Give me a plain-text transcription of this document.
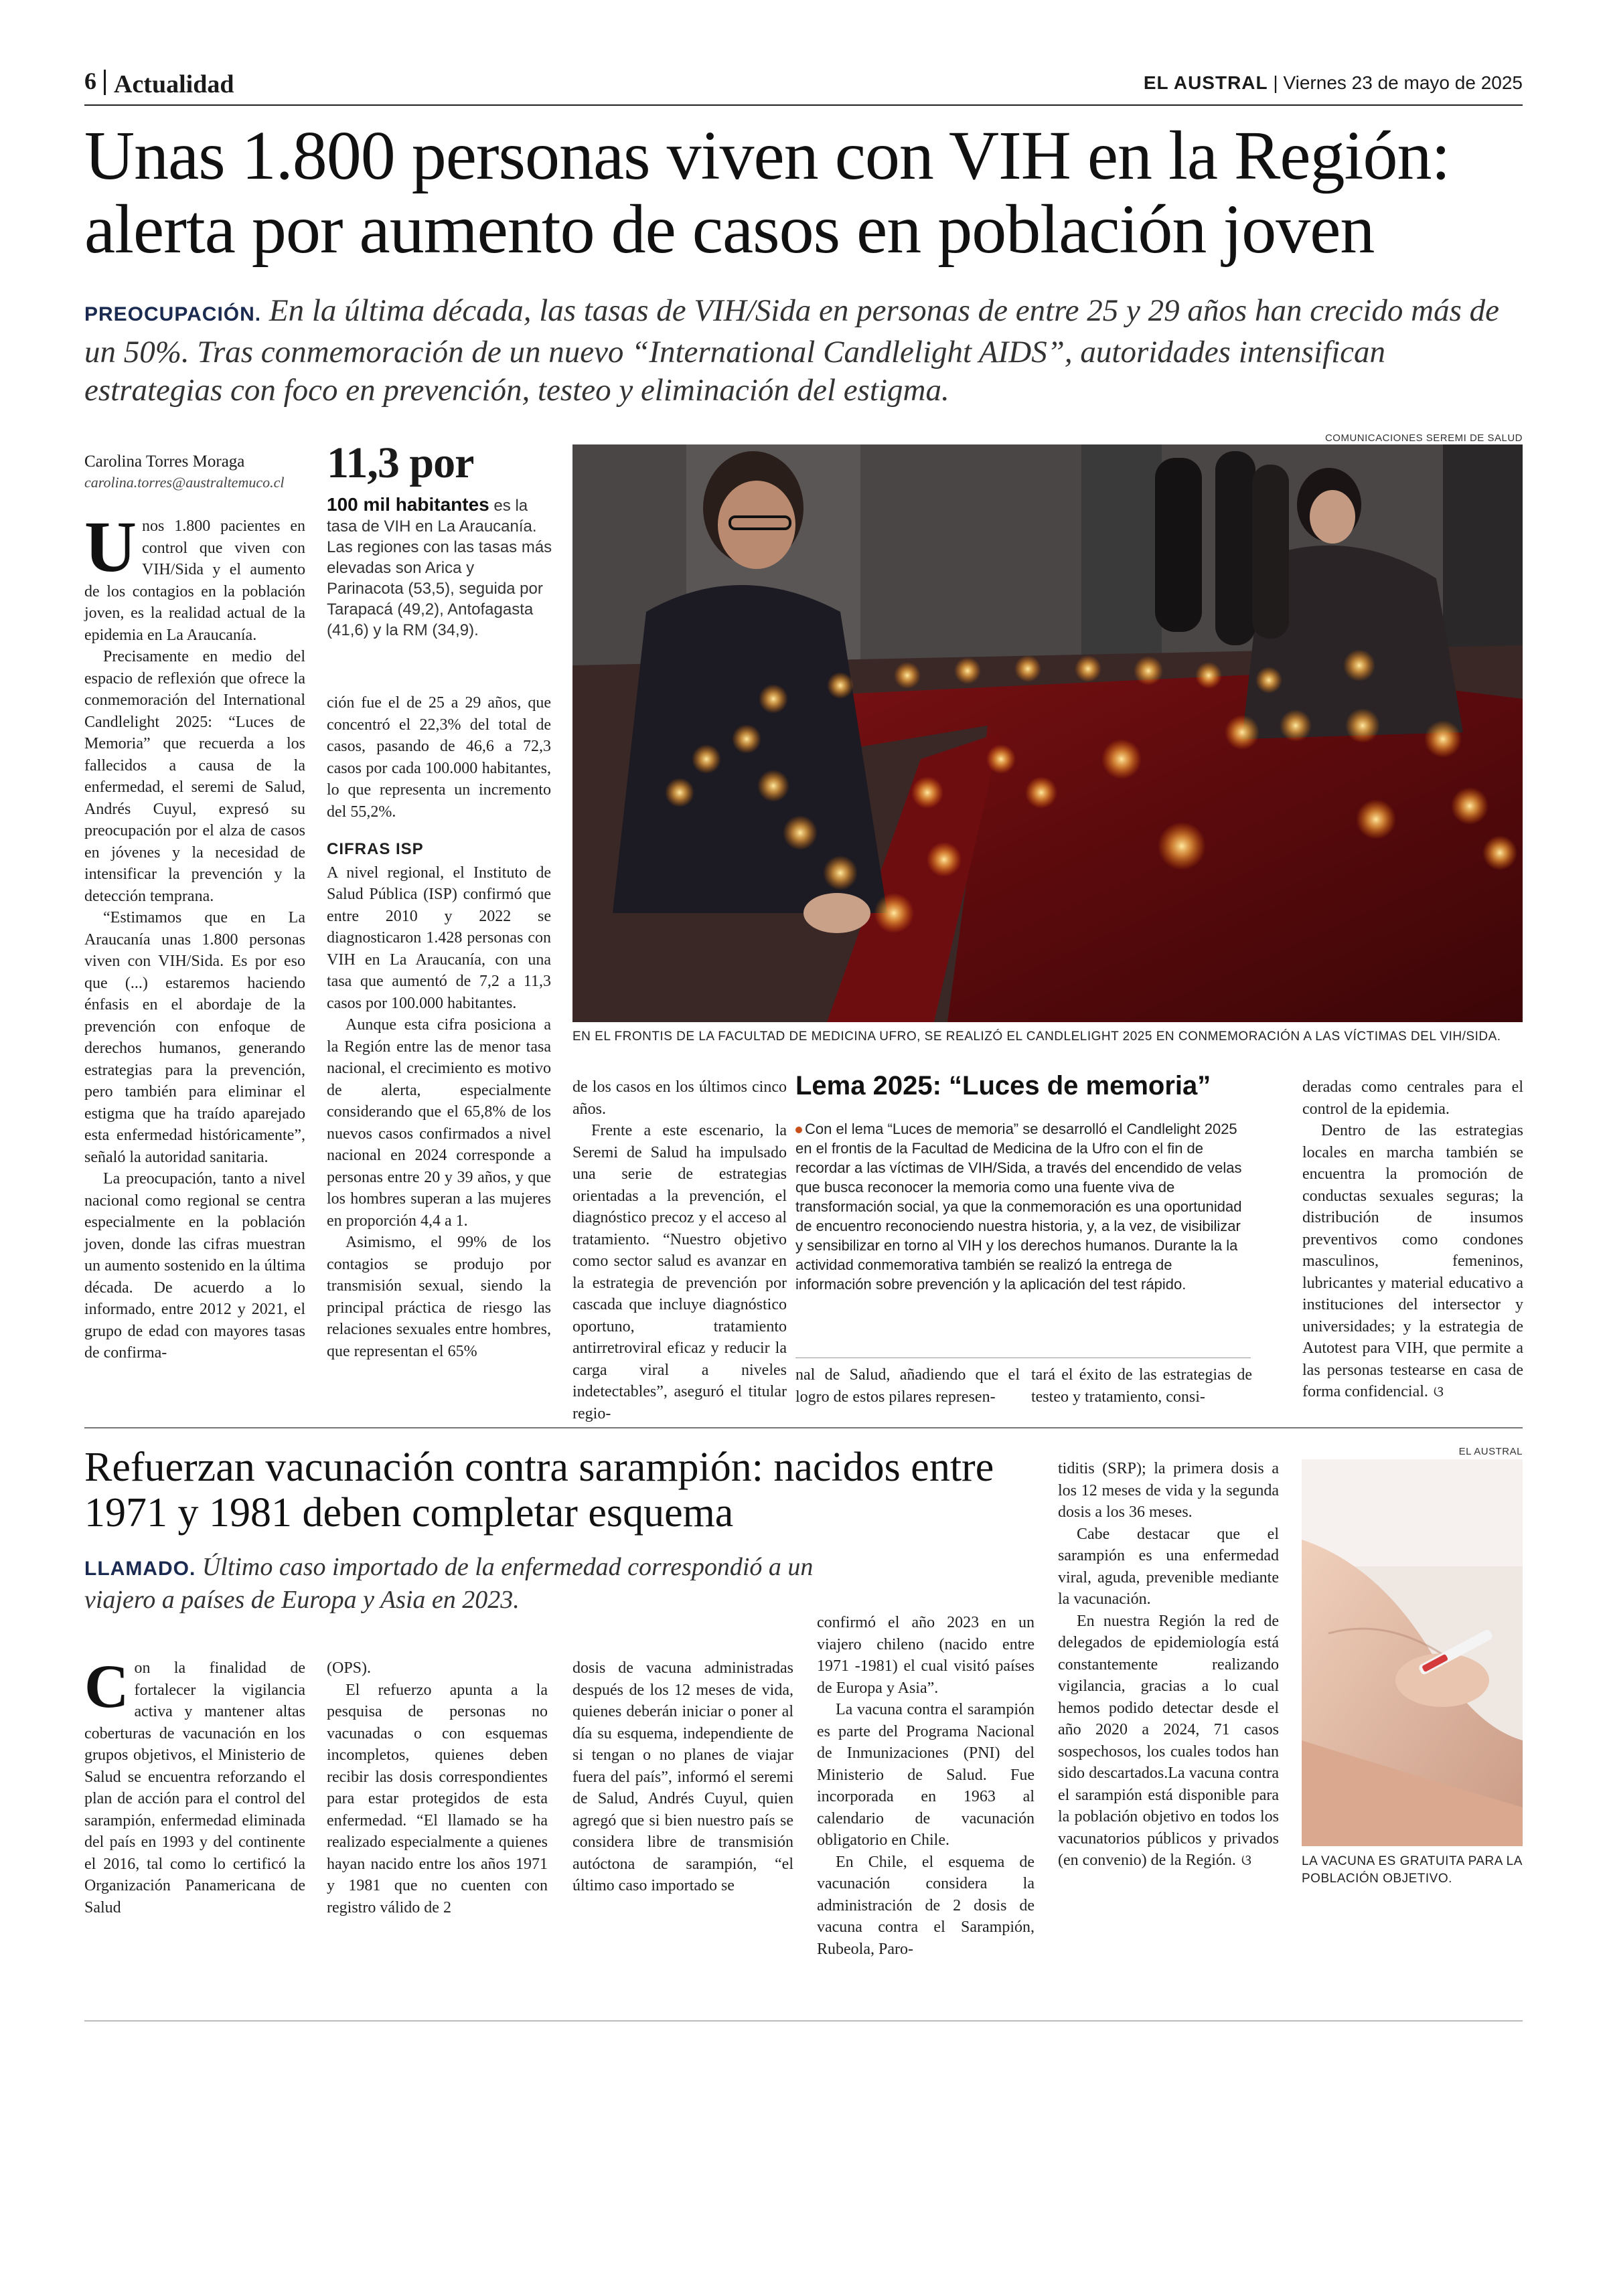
6 Actualidad	EL AUSTRAL | Viernes 23 de mayo de 2025
Unas 1.800 personas viven con VIH en la Región:
alerta por aumento de casos en población joven
PREOCUPACIÓN. En la última década, las tasas de VIH/Sida en personas de entre 25 y 29 años han crecido más de un 50%. Tras conmemoración de un nuevo “International Candlelight AIDS”, autoridades intensifican estrategias con foco en prevención, testeo y eliminación del estigma.
Carolina Torres Moraga
carolina.torres@australtemuco.cl

Unos 1.800 pacientes en control que viven con VIH/Sida y el aumento de los contagios en la población joven, es la realidad actual de la epidemia en La Araucanía.

Precisamente en medio del espacio de reflexión que ofrece la conmemoración del International Candlelight 2025: “Luces de Memoria” que recuerda a los fallecidos a causa de la enfermedad, el seremi de Salud, Andrés Cuyul, expresó su preocupación por el alza de casos en jóvenes y la necesidad de intensificar la prevención y la detección temprana.

“Estimamos que en La Araucanía unas 1.800 personas viven con VIH/Sida. Es por eso que (...) estaremos haciendo énfasis en el abordaje de la prevención con enfoque de derechos humanos, generando estrategias para la prevención, pero también para eliminar el estigma que ha traído aparejado esta enfermedad históricamente”, señaló la autoridad sanitaria.

La preocupación, tanto a nivel nacional como regional se centra especialmente en la población joven, donde las cifras muestran un aumento sostenido en la última década. De acuerdo a lo informado, entre 2012 y 2021, el grupo de edad con mayores tasas de confirma-

11,3 por
100 mil habitantes es la tasa de VIH en La Araucanía. Las regiones con las tasas más elevadas son Arica y Parinacota (53,5), seguida por Tarapacá (49,2), Antofagasta (41,6) y la RM (34,9).

ción fue el de 25 a 29 años, que concentró el 22,3% del total de casos, pasando de 46,6 a 72,3 casos por cada 100.000 habitantes, lo que representa un incremento del 55,2%.

CIFRAS ISP

A nivel regional, el Instituto de Salud Pública (ISP) confirmó que entre 2010 y 2022 se diagnosticaron 1.428 personas con VIH en La Araucanía, con una tasa que aumentó de 7,2 a 11,3 casos por 100.000 habitantes.

Aunque esta cifra posiciona a la Región entre las de menor tasa nacional, el crecimiento es motivo de alerta, especialmente considerando que el 65,8% de los nuevos casos confirmados a nivel nacional en 2024 corresponde a personas entre 20 y 39 años, y que los hombres superan a las mujeres en proporción 4,4 a 1.

Asimismo, el 99% de los contagios se produjo por transmisión sexual, siendo la principal práctica de riesgo las relaciones sexuales entre hombres, que representan el 65%

COMUNICACIONES SEREMI DE SALUD
EN EL FRONTIS DE LA FACULTAD DE MEDICINA UFRO, SE REALIZÓ EL CANDLELIGHT 2025 EN CONMEMORACIÓN A LAS VÍCTIMAS DEL VIH/SIDA.

de los casos en los últimos cinco años.

Frente a este escenario, la Seremi de Salud ha impulsado una serie de estrategias orientadas a la prevención, el diagnóstico precoz y el acceso al tratamiento. “Nuestro objetivo como sector salud es avanzar en la estrategia de prevención por cascada que incluye diagnóstico oportuno, tratamiento antirretroviral eficaz y reducir la carga viral a niveles indetectables”, aseguró el titular regio-

Lema 2025: “Luces de memoria”
Con el lema “Luces de memoria” se desarrolló el Candlelight 2025 en el frontis de la Facultad de Medicina de la Ufro con el fin de recordar a las víctimas de VIH/Sida, a través del encendido de velas que busca reconocer la memoria como una fuente viva de transformación social, ya que la conmemoración es una oportunidad de encuentro reconociendo nuestra historia, y, a la vez, de visibilizar y sensibilizar en torno al VIH y los derechos humanos. Durante la la actividad conmemorativa también se realizó la entrega de información sobre prevención y la aplicación del test rápido.

nal de Salud, añadiendo que el logro de estos pilares represen-

tará el éxito de las estrategias de testeo y tratamiento, consi-

deradas como centrales para el control de la epidemia.

Dentro de las estrategias locales en marcha también se encuentra la promoción de conductas sexuales seguras; la distribución de insumos preventivos como condones masculinos, femeninos, lubricantes y material educativo a instituciones del intersector y universidades; y la estrategia de Autotest para VIH, que permite a las personas testearse en casa de forma confidencial. ଓ

Refuerzan vacunación contra sarampión: nacidos entre 1971 y 1981 deben completar esquema
LLAMADO. Último caso importado de la enfermedad correspondió a un viajero a países de Europa y Asia en 2023.

Con la finalidad de fortalecer la vigilancia activa y mantener altas coberturas de vacunación en los grupos objetivos, el Ministerio de Salud se encuentra reforzando el plan de acción para el control del sarampión, enfermedad eliminada del país en 1993 y del continente el 2016, tal como lo certificó la Organización Panamericana de Salud

(OPS).

El refuerzo apunta a la pesquisa de personas no vacunadas o con esquemas incompletos, quienes deben recibir las dosis correspondientes para estar protegidos de esta enfermedad. “El llamado se ha realizado especialmente a quienes hayan nacido entre los años 1971 y 1981 que no cuenten con registro válido de 2

dosis de vacuna administradas después de los 12 meses de vida, quienes deberán iniciar o poner al día su esquema, independiente de si tengan o no planes de viajar fuera del país”, informó el seremi de Salud, Andrés Cuyul, quien agregó que si bien nuestro país se considera libre de transmisión autóctona de sarampión, “el último caso importado se

confirmó el año 2023 en un viajero chileno (nacido entre 1971 -1981) el cual visitó países de Europa y Asia”.

La vacuna contra el sarampión es parte del Programa Nacional de Inmunizaciones (PNI) del Ministerio de Salud. Fue incorporada en 1963 al calendario de vacunación obligatorio en Chile.

En Chile, el esquema de vacunación considera la administración de 2 dosis de vacuna contra el Sarampión, Rubeola, Paro-

tiditis (SRP); la primera dosis a los 12 meses de vida y la segunda dosis a los 36 meses.

Cabe destacar que el sarampión es una enfermedad viral, aguda, prevenible mediante la vacunación.

En nuestra Región la red de delegados de epidemiología está constantemente realizando vigilancia, gracias a lo cual hemos podido detectar desde el año 2020 a 2024, 71 casos sospechosos, los cuales todos han sido descartados.La vacuna contra el sarampión está disponible para la población objetivo en todos los vacunatorios públicos y privados (en convenio) de la Región. ଓ

EL AUSTRAL
LA VACUNA ES GRATUITA PARA LA POBLACIÓN OBJETIVO.
